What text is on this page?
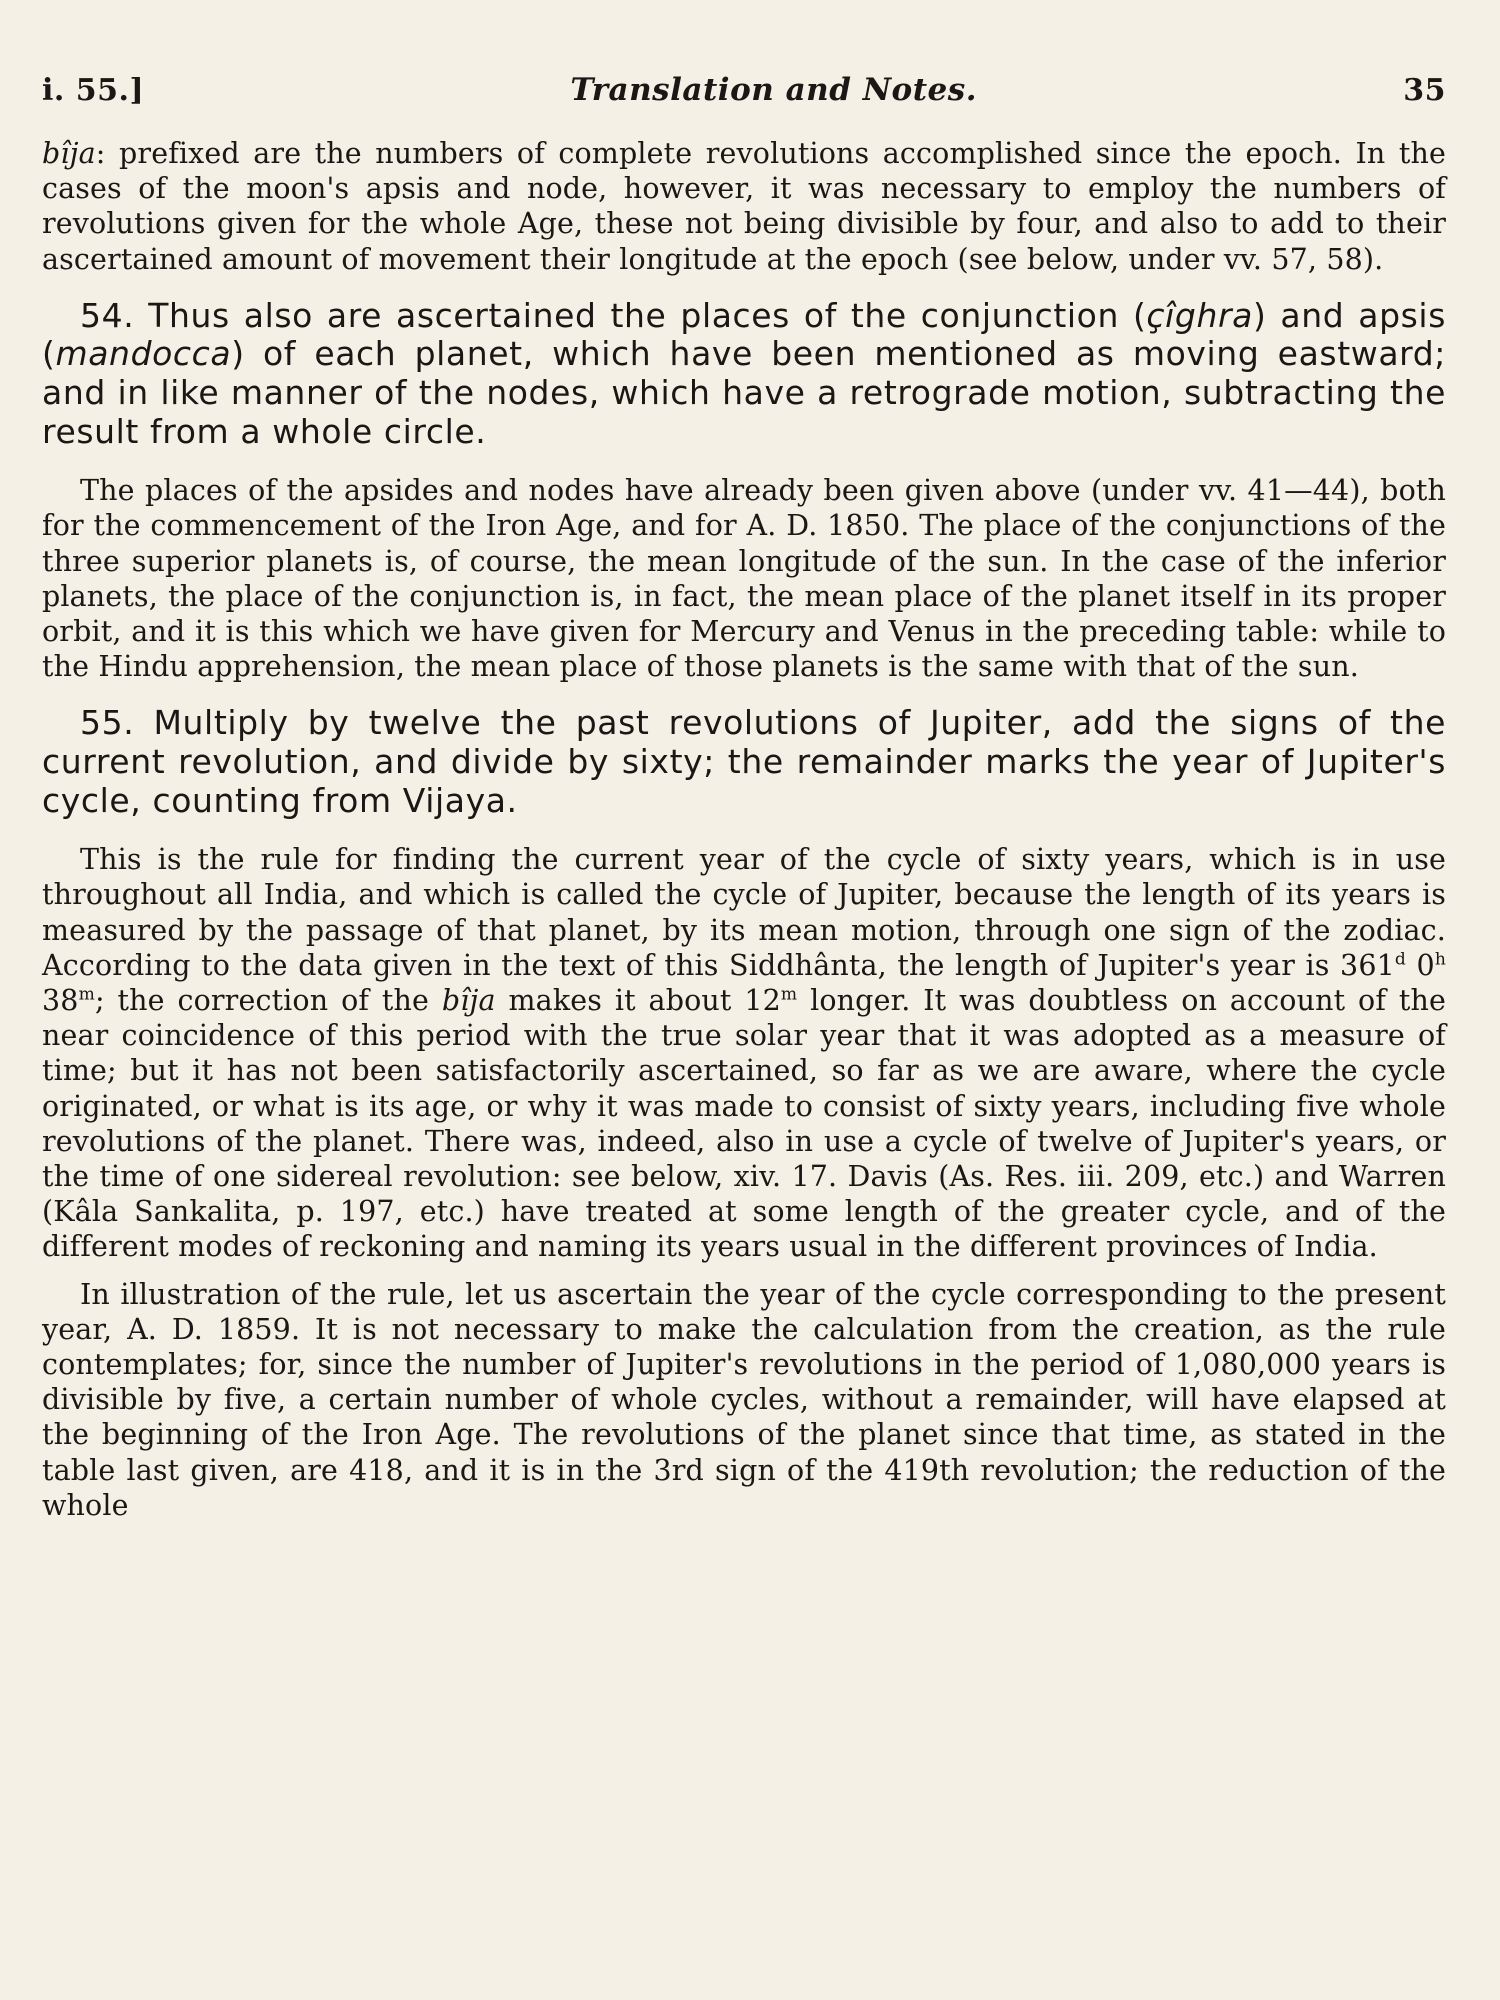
i. 55.]	Translation and Notes.	35

bîja: prefixed are the numbers of complete revolutions accomplished since the epoch. In the cases of the moon's apsis and node, however, it was necessary to employ the numbers of revolutions given for the whole Age, these not being divisible by four, and also to add to their ascertained amount of movement their longitude at the epoch (see below, under vv. 57, 58).

54. Thus also are ascertained the places of the conjunction (çîghra) and apsis (mandocca) of each planet, which have been mentioned as moving eastward; and in like manner of the nodes, which have a retrograde motion, subtracting the result from a whole circle.

The places of the apsides and nodes have already been given above (under vv. 41—44), both for the commencement of the Iron Age, and for A. D. 1850. The place of the conjunctions of the three superior planets is, of course, the mean longitude of the sun. In the case of the inferior planets, the place of the conjunction is, in fact, the mean place of the planet itself in its proper orbit, and it is this which we have given for Mercury and Venus in the preceding table: while to the Hindu apprehension, the mean place of those planets is the same with that of the sun.

55. Multiply by twelve the past revolutions of Jupiter, add the signs of the current revolution, and divide by sixty; the remainder marks the year of Jupiter's cycle, counting from Vijaya.

This is the rule for finding the current year of the cycle of sixty years, which is in use throughout all India, and which is called the cycle of Jupiter, because the length of its years is measured by the passage of that planet, by its mean motion, through one sign of the zodiac. According to the data given in the text of this Siddhânta, the length of Jupiter's year is 361$^d$ 0$^h$ 38$^m$; the correction of the bîja makes it about 12$^m$ longer. It was doubtless on account of the near coincidence of this period with the true solar year that it was adopted as a measure of time; but it has not been satisfactorily ascertained, so far as we are aware, where the cycle originated, or what is its age, or why it was made to consist of sixty years, including five whole revolutions of the planet. There was, indeed, also in use a cycle of twelve of Jupiter's years, or the time of one sidereal revolution: see below, xiv. 17. Davis (As. Res. iii. 209, etc.) and Warren (Kâla Sankalita, p. 197, etc.) have treated at some length of the greater cycle, and of the different modes of reckoning and naming its years usual in the different provinces of India.

In illustration of the rule, let us ascertain the year of the cycle corresponding to the present year, A. D. 1859. It is not necessary to make the calculation from the creation, as the rule contemplates; for, since the number of Jupiter's revolutions in the period of 1,080,000 years is divisible by five, a certain number of whole cycles, without a remainder, will have elapsed at the beginning of the Iron Age. The revolutions of the planet since that time, as stated in the table last given, are 418, and it is in the 3rd sign of the 419th revolution; the reduction of the whole
